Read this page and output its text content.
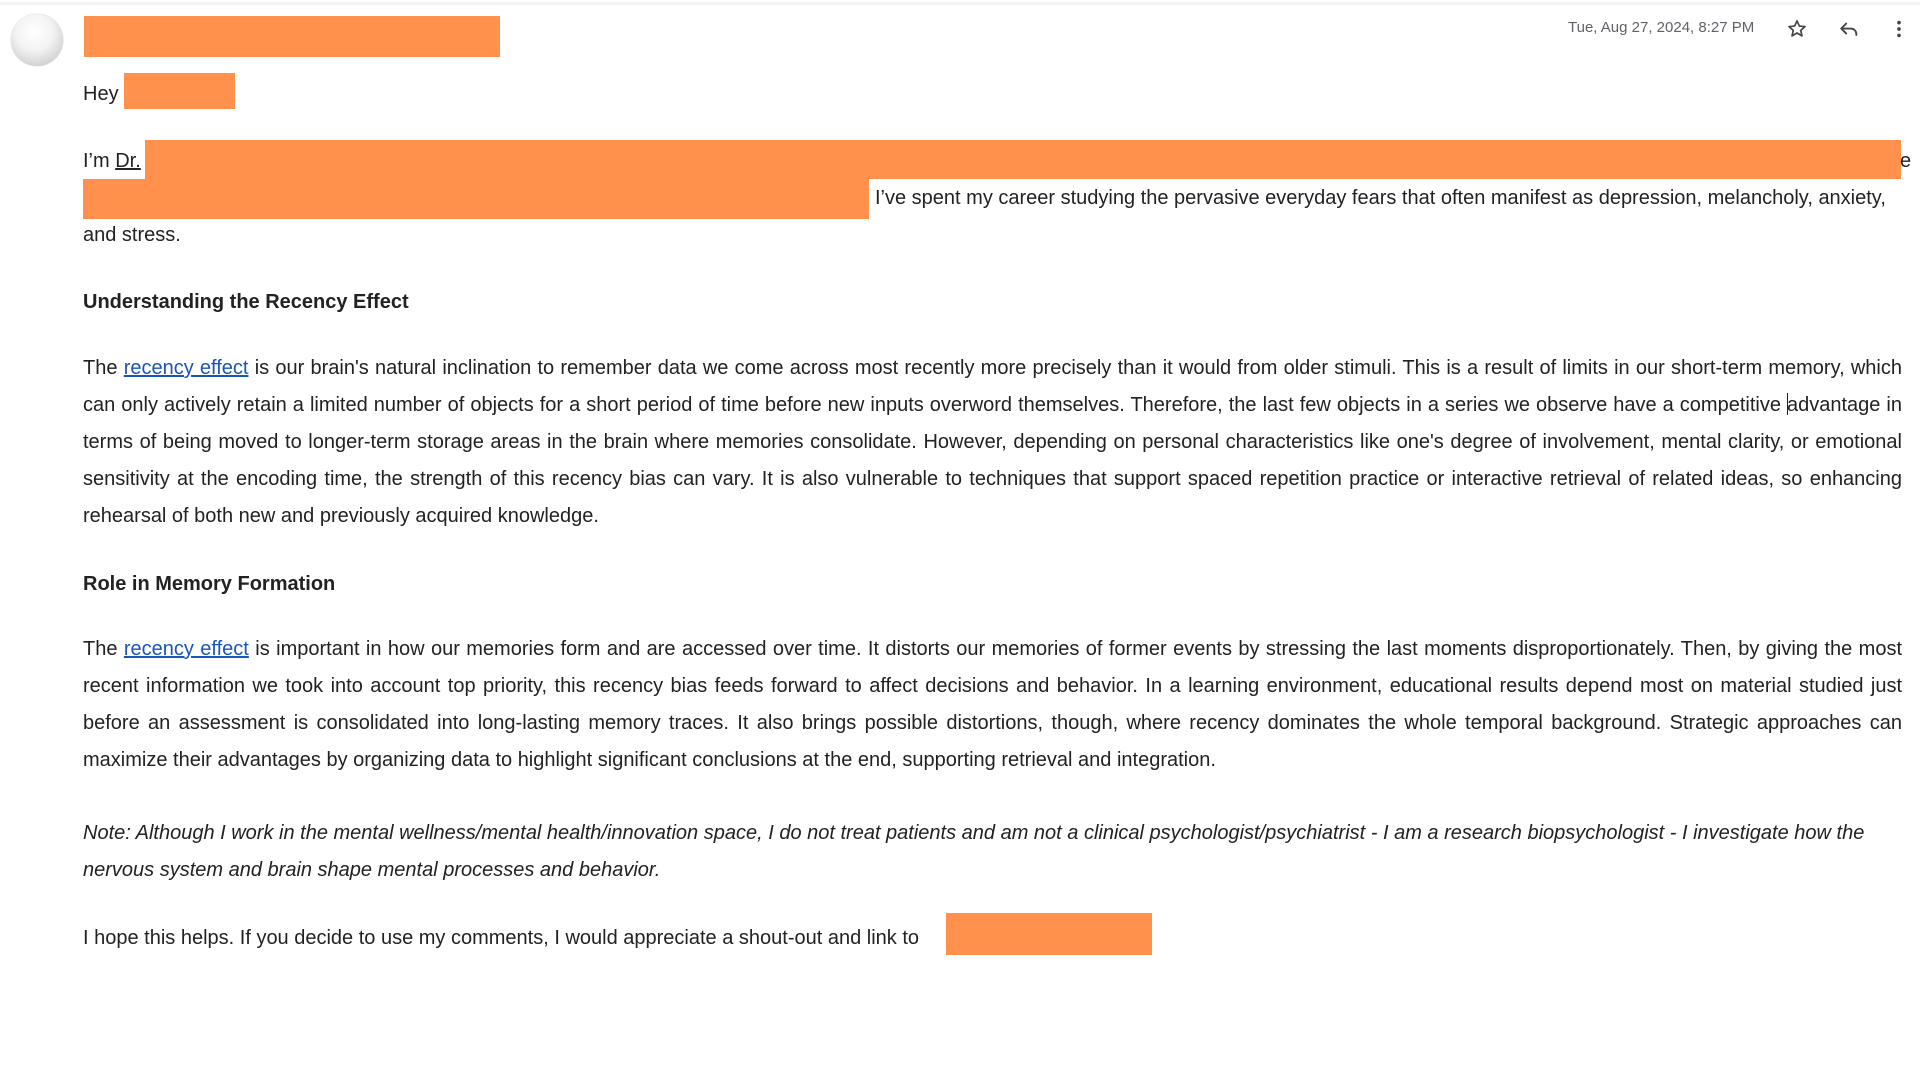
Tue, Aug 27, 2024, 8:27 PM
Hey
I’m Dr.	e
I’ve spent my career studying the pervasive everyday fears that often manifest as depression, melancholy, anxiety,
and stress.
Understanding the Recency Effect
The recency effect is our brain's natural inclination to remember data we come across most recently more precisely than it would from older stimuli. This is a result of limits in our short-term memory, which can only actively retain a limited number of objects for a short period of time before new inputs overword themselves. Therefore, the last few objects in a series we observe have a competitive advantage in terms of being moved to longer-term storage areas in the brain where memories consolidate. However, depending on personal characteristics like one's degree of involvement, mental clarity, or emotional sensitivity at the encoding time, the strength of this recency bias can vary. It is also vulnerable to techniques that support spaced repetition practice or interactive retrieval of related ideas, so enhancing rehearsal of both new and previously acquired knowledge.
Role in Memory Formation
The recency effect is important in how our memories form and are accessed over time. It distorts our memories of former events by stressing the last moments disproportionately. Then, by giving the most recent information we took into account top priority, this recency bias feeds forward to affect decisions and behavior. In a learning environment, educational results depend most on material studied just before an assessment is consolidated into long-lasting memory traces. It also brings possible distortions, though, where recency dominates the whole temporal background. Strategic approaches can maximize their advantages by organizing data to highlight significant conclusions at the end, supporting retrieval and integration.
Note: Although I work in the mental wellness/mental health/innovation space, I do not treat patients and am not a clinical psychologist/psychiatrist - I am a research biopsychologist - I investigate how the nervous system and brain shape mental processes and behavior.
I hope this helps. If you decide to use my comments, I would appreciate a shout-out and link to
